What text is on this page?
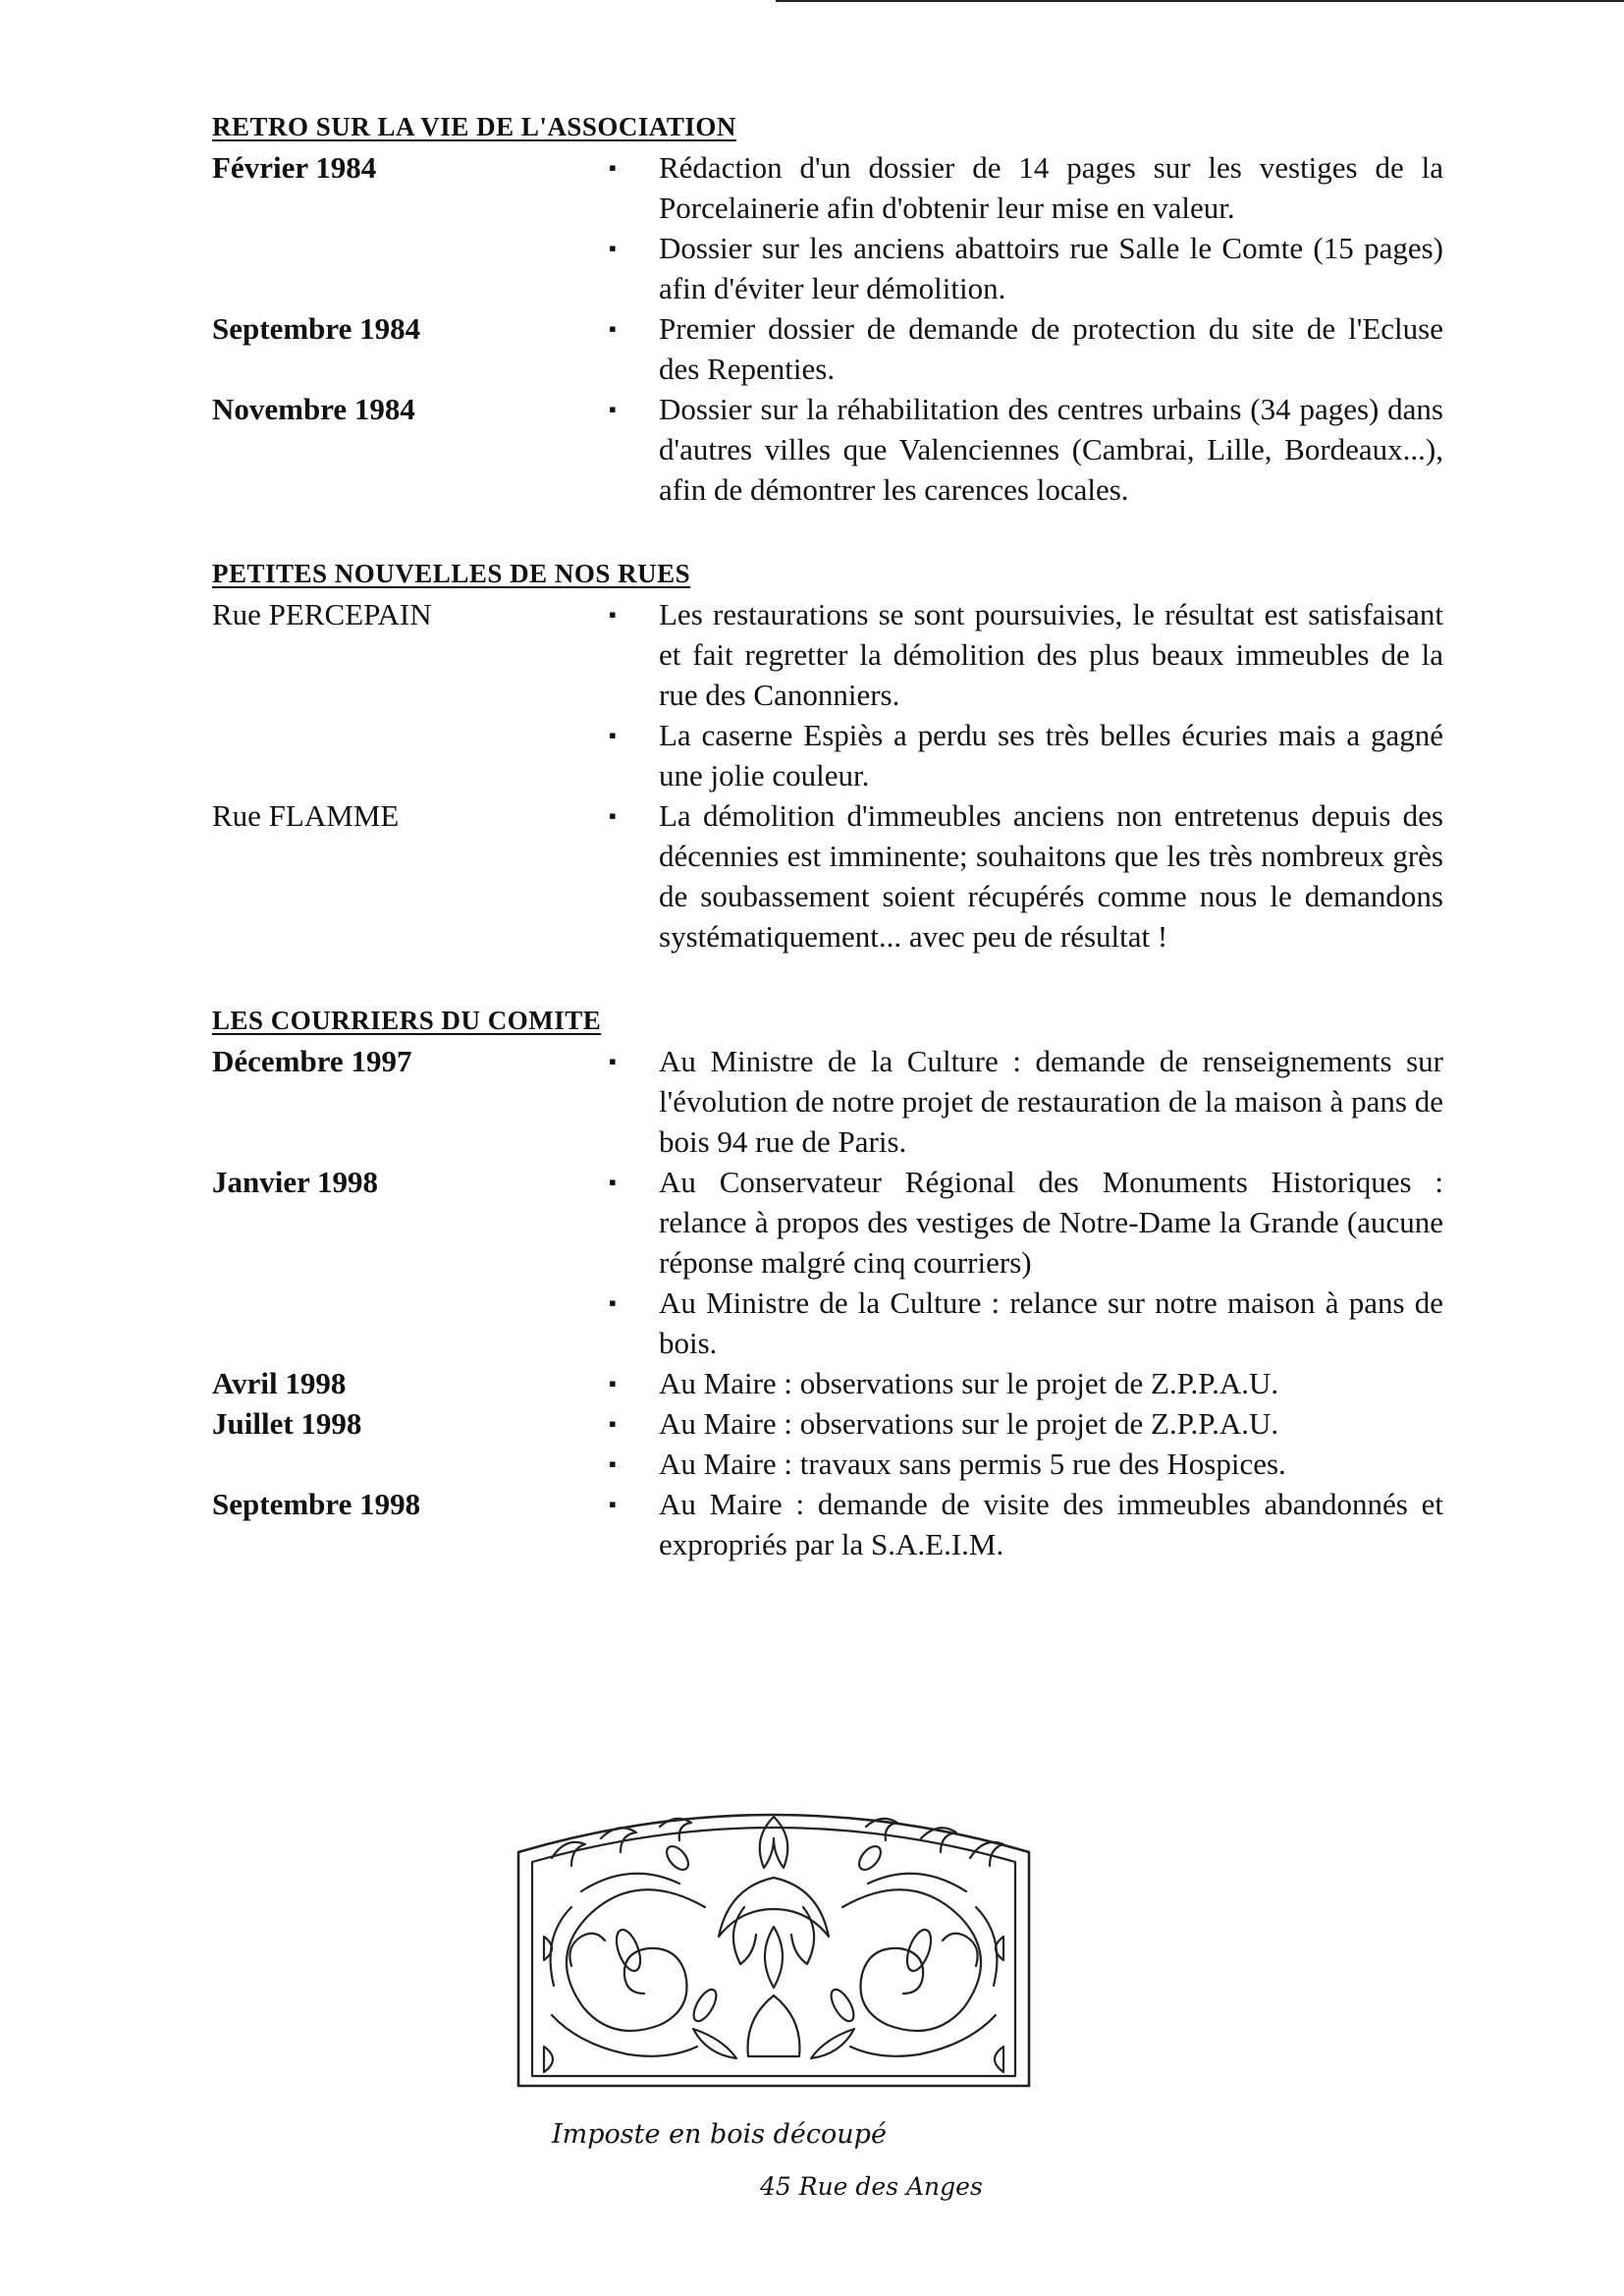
RETRO SUR LA VIE DE L'ASSOCIATION
Février 1984	▪	Rédaction d'un dossier de 14 pages sur les vestiges de la Porcelainerie afin d'obtenir leur mise en valeur.
▪	Dossier sur les anciens abattoirs rue Salle le Comte (15 pages) afin d'éviter leur démolition.
Septembre 1984	▪	Premier dossier de demande de protection du site de l'Ecluse des Repenties.
Novembre 1984	▪	Dossier sur la réhabilitation des centres urbains (34 pages) dans d'autres villes que Valenciennes (Cambrai, Lille, Bordeaux...), afin de démontrer les carences locales.
PETITES NOUVELLES DE NOS RUES
Rue PERCEPAIN	▪	Les restaurations se sont poursuivies, le résultat est satisfaisant et fait regretter la démolition des plus beaux immeubles de la rue des Canonniers.
▪	La caserne Espiès a perdu ses très belles écuries mais a gagné une jolie couleur.
Rue FLAMME	▪	La démolition d'immeubles anciens non entretenus depuis des décennies est imminente; souhaitons que les très nombreux grès de soubassement soient récupérés comme nous le demandons systématiquement... avec peu de résultat !
LES COURRIERS DU COMITE
Décembre 1997	▪	Au Ministre de la Culture : demande de renseignements sur l'évolution de notre projet de restauration de la maison à pans de bois 94 rue de Paris.
Janvier 1998	▪	Au Conservateur Régional des Monuments Historiques : relance à propos des vestiges de Notre-Dame la Grande (aucune réponse malgré cinq courriers)
▪	Au Ministre de la Culture : relance sur notre maison à pans de bois.
Avril 1998	▪	Au Maire : observations sur le projet de Z.P.P.A.U.
Juillet 1998	▪	Au Maire : observations sur le projet de Z.P.P.A.U.
▪	Au Maire : travaux sans permis 5 rue des Hospices.
Septembre 1998	▪	Au Maire : demande de visite des immeubles abandonnés et expropriés par la S.A.E.I.M.
Imposte en bois découpé
45 Rue des Anges
